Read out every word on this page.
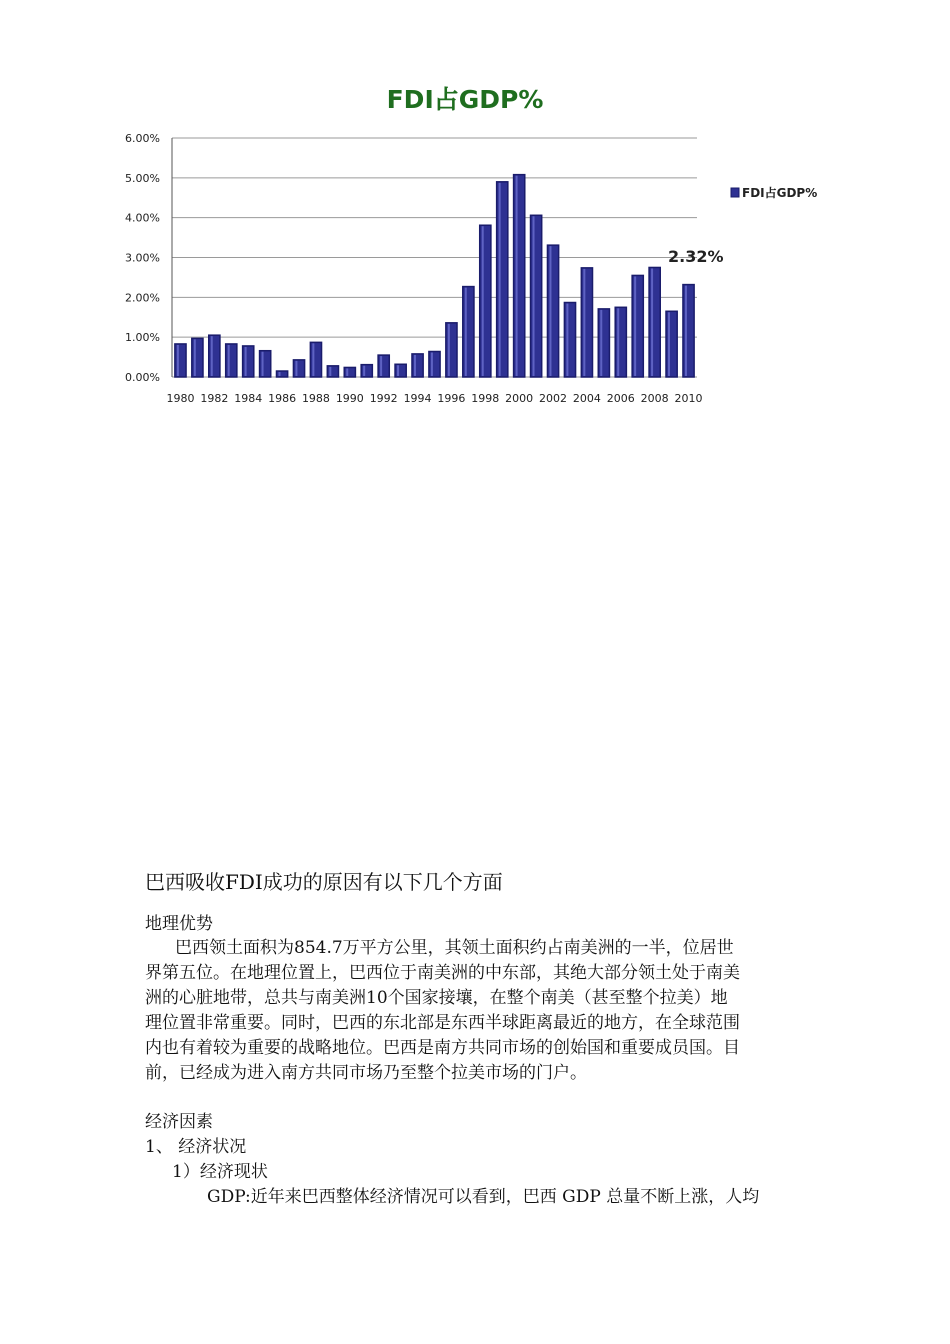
FDI占GDP%
0.00%
1.00%
2.00%
3.00%
4.00%
5.00%
6.00%
1980 1982 1984 1986 1988 1990 1992 1994 1996 1998 2000 2002 2004 2006 2008 2010
FDI占GDP%
2.32%
巴西吸收FDI成功的原因有以下几个方面
地理优势
巴西领土面积为854.7万平方公里，其领土面积约占南美洲的一半，位居世
界第五位。在地理位置上，巴西位于南美洲的中东部，其绝大部分领土处于南美
洲的心脏地带，总共与南美洲10个国家接壤，在整个南美（甚至整个拉美）地
理位置非常重要。同时，巴西的东北部是东西半球距离最近的地方，在全球范围
内也有着较为重要的战略地位。巴西是南方共同市场的创始国和重要成员国。目
前，已经成为进入南方共同市场乃至整个拉美市场的门户。
经济因素
1、 经济状况
1）经济现状
GDP:近年来巴西整体经济情况可以看到，巴西 GDP 总量不断上涨，人均
